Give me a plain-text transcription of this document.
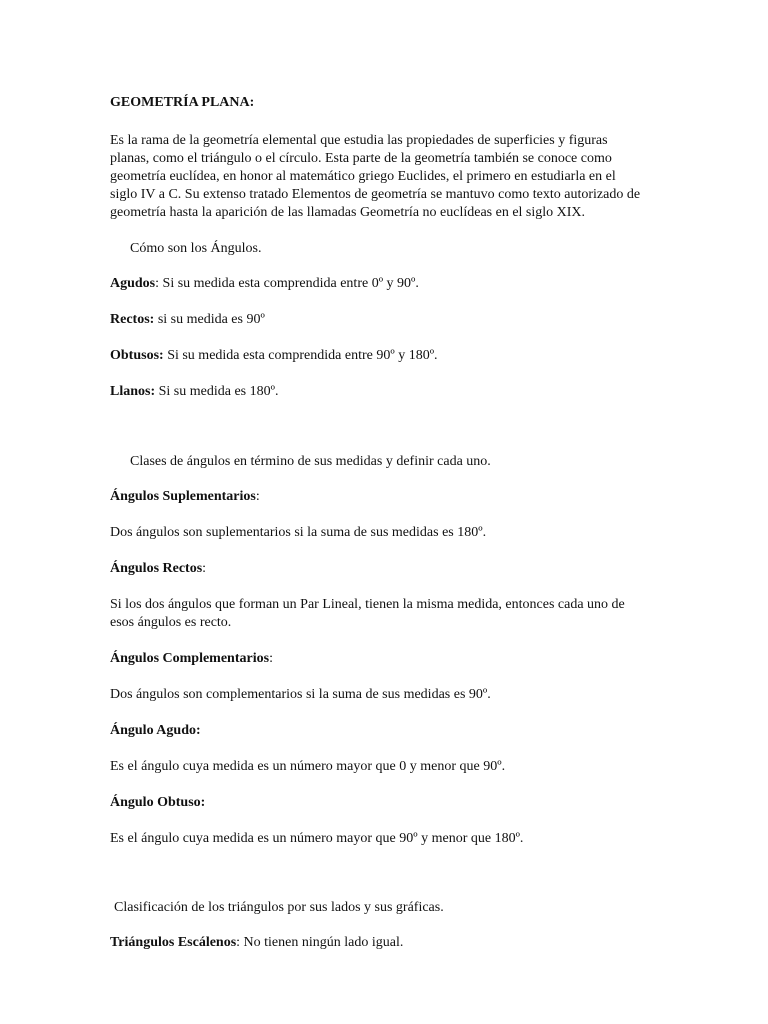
GEOMETRÍA PLANA:

Es la rama de la geometría elemental que estudia las propiedades de superficies y figuras planas, como el triángulo o el círculo. Esta parte de la geometría también se conoce como geometría euclídea, en honor al matemático griego Euclides, el primero en estudiarla en el siglo IV a C. Su extenso tratado Elementos de geometría se mantuvo como texto autorizado de geometría hasta la aparición de las llamadas Geometría no euclídeas en el siglo XIX.

Cómo son los Ángulos.

Agudos: Si su medida esta comprendida entre 0º y 90º.

Rectos: si su medida es 90º

Obtusos: Si su medida esta comprendida entre 90º y 180º.

Llanos: Si su medida es 180º.

Clases de ángulos en término de sus medidas y definir cada uno.

Ángulos Suplementarios:

Dos ángulos son suplementarios si la suma de sus medidas es 180º.

Ángulos Rectos:

Si los dos ángulos que forman un Par Lineal, tienen la misma medida, entonces cada uno de esos ángulos es recto.

Ángulos Complementarios:

Dos ángulos son complementarios si la suma de sus medidas es 90º.

Ángulo Agudo:

Es el ángulo cuya medida es un número mayor que 0 y menor que 90º.

Ángulo Obtuso:

Es el ángulo cuya medida es un número mayor que 90º y menor que 180º.

Clasificación de los triángulos por sus lados y sus gráficas.

Triángulos Escálenos: No tienen ningún lado igual.
